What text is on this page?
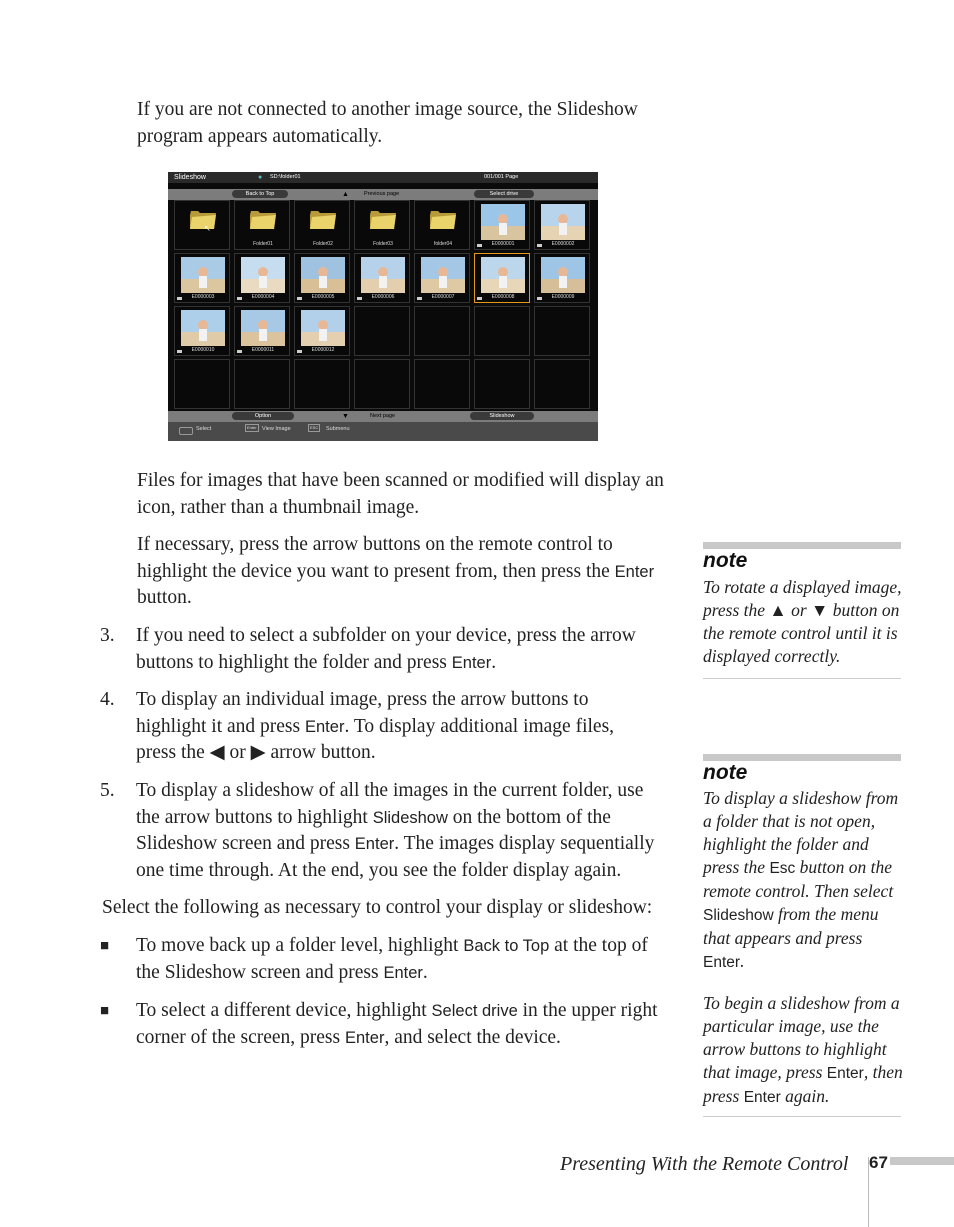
If you are not connected to another image source, the Slideshow program appears automatically.
Slideshow	● SD:\folder01	001/001 Page
Back to Top	▲	Previous page	Select drive
Folder01	Folder02	Folder03	folder04	E0000001	E0000002
E0000003	E0000004	E0000005	E0000006	E0000007	E0000008	E0000009
E0000010	E0000011	E0000012
↖
Option	▼	Next page	Slideshow
Select	Enter View Image	ESC	Submenu
Files for images that have been scanned or modified will display an icon, rather than a thumbnail image.
If necessary, press the arrow buttons on the remote control to highlight the device you want to present from, then press the Enter button.
3. If you need to select a subfolder on your device, press the arrow buttons to highlight the folder and press Enter.
4. To display an individual image, press the arrow buttons to highlight it and press Enter. To display additional image files, press the ◀ or ▶ arrow button.
5. To display a slideshow of all the images in the current folder, use the arrow buttons to highlight Slideshow on the bottom of the Slideshow screen and press Enter. The images display sequentially one time through. At the end, you see the folder display again.
Select the following as necessary to control your display or slideshow:
■ To move back up a folder level, highlight Back to Top at the top of the Slideshow screen and press Enter.
■ To select a different device, highlight Select drive in the upper right corner of the screen, press Enter, and select the device.
note
To rotate a displayed image, press the ▲ or ▼ button on the remote control until it is displayed correctly.
note
To display a slideshow from a folder that is not open, highlight the folder and press the Esc button on the remote control. Then select Slideshow from the menu that appears and press Enter.
To begin a slideshow from a particular image, use the arrow buttons to highlight that image, press Enter, then press Enter again.
Presenting With the Remote Control 67
